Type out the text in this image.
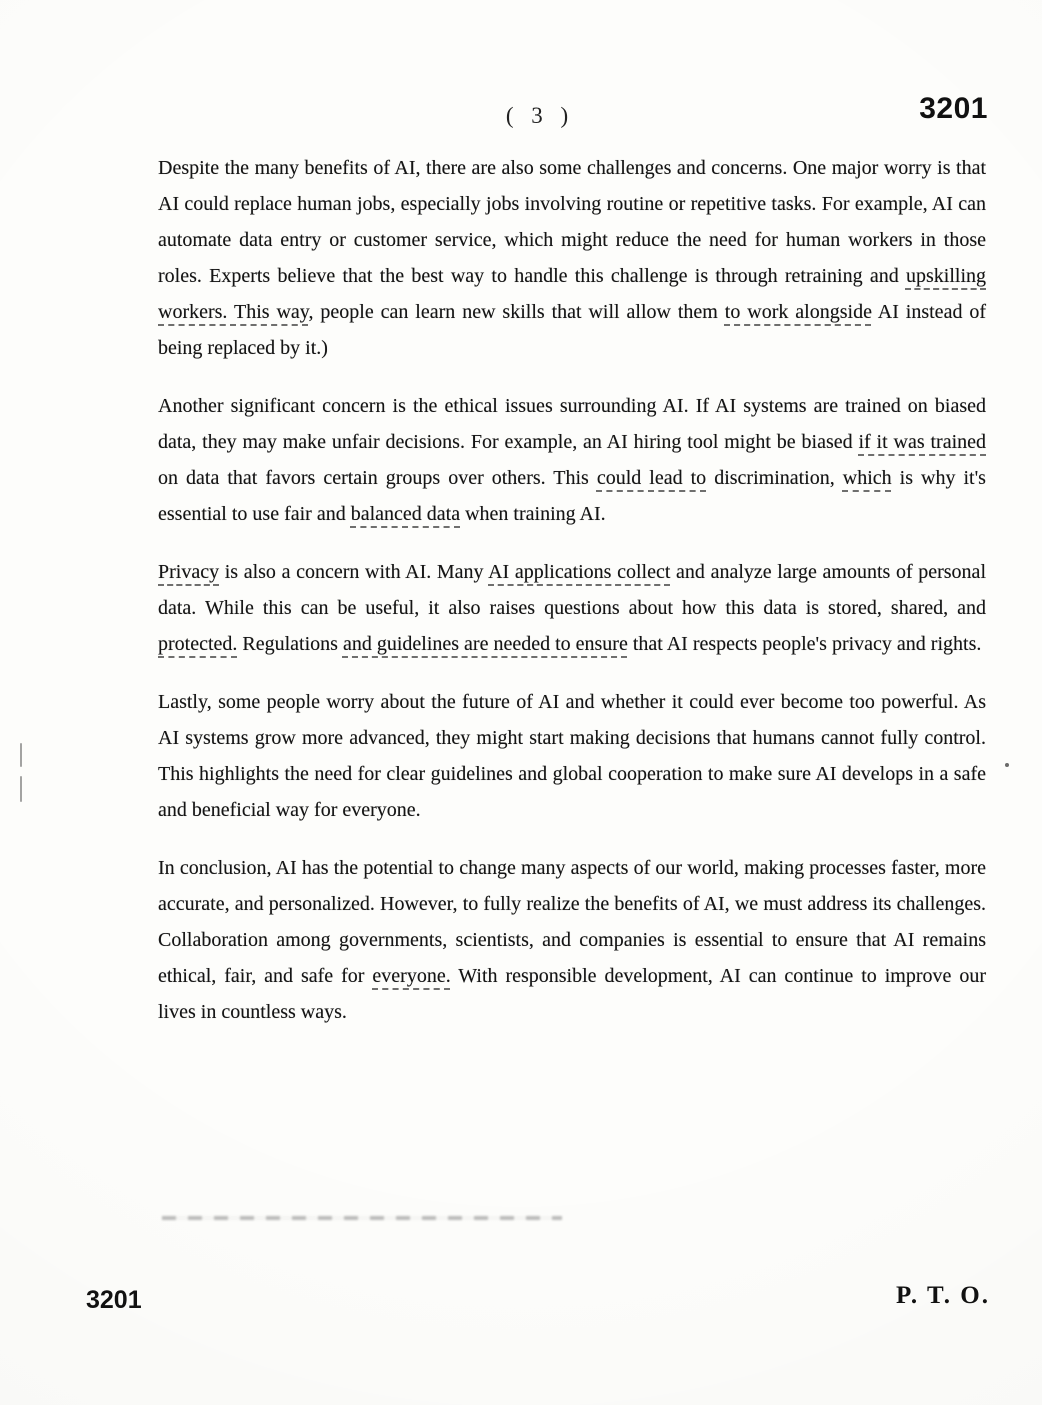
( 3 )	3201

Despite the many benefits of AI, there are also some challenges and concerns. One major worry is that AI could replace human jobs, especially jobs involving routine or repetitive tasks. For example, AI can automate data entry or customer service, which might reduce the need for human workers in those roles. Experts believe that the best way to handle this challenge is through retraining and upskilling workers. This way, people can learn new skills that will allow them to work alongside AI instead of being replaced by it.)

Another significant concern is the ethical issues surrounding AI. If AI systems are trained on biased data, they may make unfair decisions. For example, an AI hiring tool might be biased if it was trained on data that favors certain groups over others. This could lead to discrimination, which is why it's essential to use fair and balanced data when training AI.

Privacy is also a concern with AI. Many AI applications collect and analyze large amounts of personal data. While this can be useful, it also raises questions about how this data is stored, shared, and protected. Regulations and guidelines are needed to ensure that AI respects people's privacy and rights.

Lastly, some people worry about the future of AI and whether it could ever become too powerful. As AI systems grow more advanced, they might start making decisions that humans cannot fully control. This highlights the need for clear guidelines and global cooperation to make sure AI develops in a safe and beneficial way for everyone.

In conclusion, AI has the potential to change many aspects of our world, making processes faster, more accurate, and personalized. However, to fully realize the benefits of AI, we must address its challenges. Collaboration among governments, scientists, and companies is essential to ensure that AI remains ethical, fair, and safe for everyone. With responsible development, AI can continue to improve our lives in countless ways.

3201	P. T. O.
